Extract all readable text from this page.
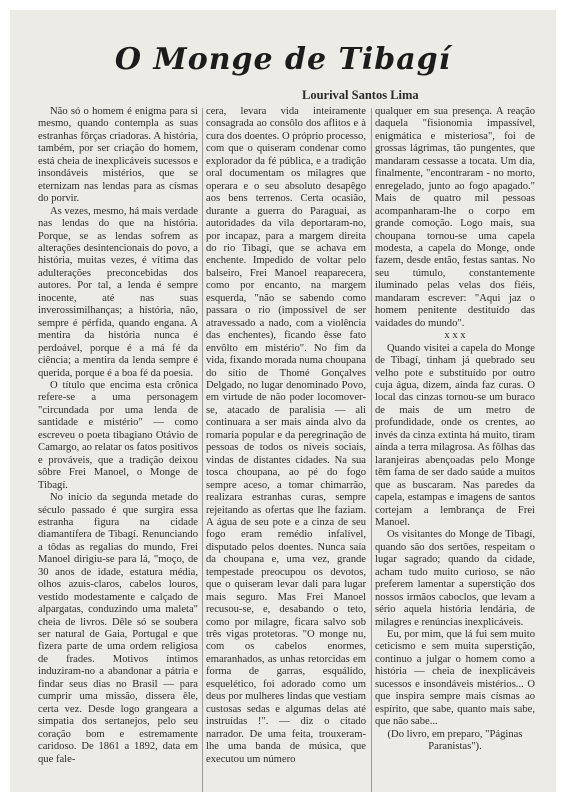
O Monge de Tibagí
Lourival Santos Lima

Não só o homem é enigma para si mesmo, quando contempla as suas estranhas fôrças criadoras. A história, também, por ser criação do homem, está cheia de inexplicáveis sucessos e insondáveis mistérios, que se eternizam nas lendas para as císmas do porvir.

As vezes, mesmo, há mais verdade nas lendas do que na história. Porque, se as lendas sofrem as alterações desintencionais do povo, a história, muitas vezes, é vítima das adulterações preconcebidas dos autores. Por tal, a lenda é sempre inocente, até nas suas inverossimilhanças; a história, não, sempre é pérfida, quando engana. A mentira da história nunca é perdoável, porque é a má fé da ciência; a mentira da lenda sempre é querida, porque é a boa fé da poesia.

O título que encima esta crônica refere-se a uma personagem "circundada por uma lenda de santidade e mistério" — como escreveu o poeta tibagiano Otávio de Camargo, ao relatar os fatos positivos e prováveis, que a tradição deixou sôbre Frei Manoel, o Monge de Tibagí.

No início da segunda metade do século passado é que surgira essa estranha figura na cidade diamantífera de Tibagí. Renunciando a tôdas as regalias do mundo, Frei Manoel dirigiu-se para lá, "moço, de 30 anos de idade, estatura média, olhos azuis-claros, cabelos louros, vestido modestamente e calçado de alpargatas, conduzindo uma maleta" cheia de livros. Dêle só se soubera ser natural de Gaia, Portugal e que fizera parte de uma ordem religiosa de frades. Motivos íntimos induziram-no a abandonar a pátria e findar seus dias no Brasil — para cumprir uma missão, dissera êle, certa vez. Desde logo grangeara a simpatia dos sertanejos, pelo seu coração bom e estremamente caridoso. De 1861 a 1892, data em que fale-

cera, levara vida inteiramente consagrada ao consôlo dos aflitos e à cura dos doentes. O próprio processo, com que o quiseram condenar como explorador da fé pública, e a tradição oral documentam os milagres que operara e o seu absoluto desapêgo aos bens terrenos. Certa ocasião, durante a guerra do Paraguai, as autoridades da vila deportaram-no, por incapaz, para a margem direita do rio Tibagí, que se achava em enchente. Impedido de voltar pelo balseiro, Frei Manoel reaparecera, como por encanto, na margem esquerda, "não se sabendo como passara o rio (impossível de ser atravessado a nado, com a violência das enchentes), ficando êsse fato envôlto em mistério". No fim da vida, fixando morada numa choupana do sítio de Thomé Gonçalves Delgado, no lugar denominado Povo, em virtude de não poder locomover-se, atacado de paralisia — ali continuara a ser mais ainda alvo da romaria popular e da peregrinação de pessoas de todos os níveis sociais, vindas de distantes cidades. Na sua tosca choupana, ao pé do fogo sempre aceso, a tomar chimarrão, realizara estranhas curas, sempre rejeitando as ofertas que lhe faziam. A água de seu pote e a cinza de seu fogo eram remédio infalível, disputado pelos doentes. Nunca saía da choupana e, uma vez, grande tempestade preocupou os devotos, que o quiseram levar dali para lugar mais seguro. Mas Frei Manoel recusou-se, e, desabando o teto, como por milagre, ficara salvo sob três vigas protetoras. "O monge nu, com os cabelos enormes, emaranhados, as unhas retorcidas em forma de garras, esquálido, esquelético, foi adorado como um deus por mulheres lindas que vestiam custosas sedas e algumas delas até instruídas !". — diz o citado narrador. De uma feita, trouxeram-lhe uma banda de música, que executou um número

qualquer em sua presença. A reação daquela "fisionomia impassível, enigmática e misteriosa", foi de grossas lágrimas, tão pungentes, que mandaram cessasse a tocata. Um dia, finalmente, "encontraram - no morto, enregelado, junto ao fogo apagado." Mais de quatro mil pessoas acompanharam-lhe o corpo em grande comoção. Logo mais, sua choupana tornou-se uma capela modesta, a capela do Monge, onde fazem, desde então, festas santas. No seu túmulo, constantemente iluminado pelas velas dos fiéis, mandaram escrever: "Aqui jaz o homem penitente destituído das vaidades do mundo".

x x x

Quando visitei a capela do Monge de Tibagí, tinham já quebrado seu velho pote e substituído por outro cuja água, dizem, ainda faz curas. O local das cinzas tornou-se um buraco de mais de um metro de profundidade, onde os crentes, ao invés da cinza extinta há muito, tiram ainda a terra milagrosa. As fôlhas das laranjeiras abençoadas pelo Monge têm fama de ser dado saúde a muitos que as buscaram. Nas paredes da capela, estampas e imagens de santos cortejam a lembrança de Frei Manoel.

Os visitantes do Monge de Tibagí, quando são dos sertões, respeitam o lugar sagrado; quando da cidade, acham tudo muito curioso, se não preferem lamentar a superstição dos nossos irmãos caboclos, que levam a sério aquela história lendária, de milagres e renúncias inexplicáveis.

Eu, por mim, que lá fui sem muito ceticismo e sem muita superstição, continuo a julgar o homem como a história — cheia de inexplicáveis sucessos e insondáveis mistérios... O que inspira sempre mais císmas ao espírito, que sabe, quanto mais sabe, que não sabe...

(Do livro, em preparo, "Páginas Paranistas").
